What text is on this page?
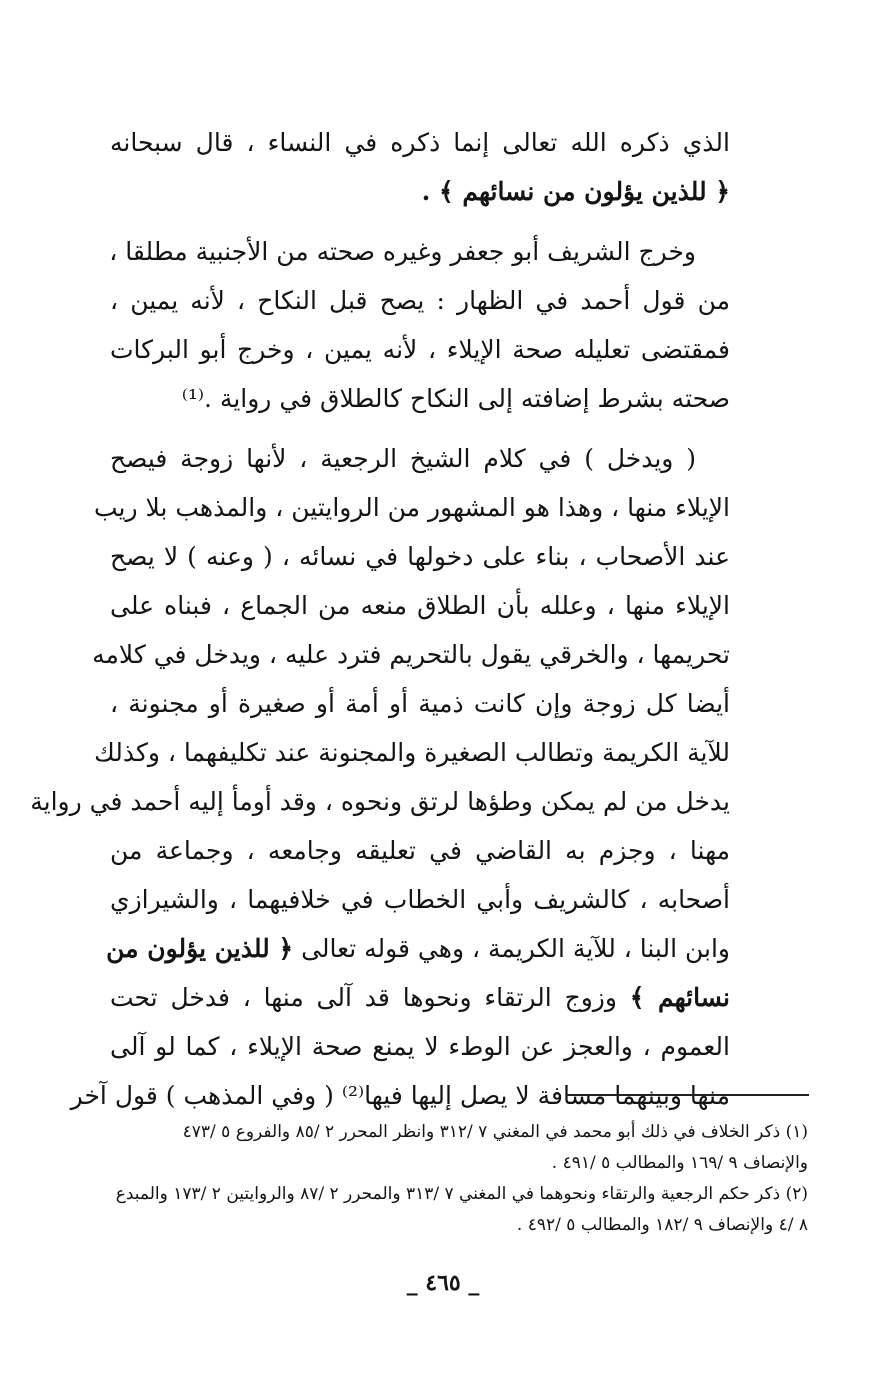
الذي ذكره الله تعالى إنما ذكره في النساء ، قال سبحانه
﴿ للذين يؤلون من نسائهم ﴾ .
وخرج الشريف أبو جعفر وغيره صحته من الأجنبية مطلقا ،
من قول أحمد في الظهار : يصح قبل النكاح ، لأنه يمين ،
فمقتضى تعليله صحة الإيلاء ، لأنه يمين ، وخرج أبو البركات
صحته بشرط إضافته إلى النكاح كالطلاق في رواية .⁽¹⁾
( ويدخل ) في كلام الشيخ الرجعية ، لأنها زوجة فيصح
الإيلاء منها ، وهذا هو المشهور من الروايتين ، والمذهب بلا ريب
عند الأصحاب ، بناء على دخولها في نسائه ، ( وعنه ) لا يصح
الإيلاء منها ، وعلله بأن الطلاق منعه من الجماع ، فبناه على
تحريمها ، والخرقي يقول بالتحريم فترد عليه ، ويدخل في كلامه
أيضا كل زوجة وإن كانت ذمية أو أمة أو صغيرة أو مجنونة ،
للآية الكريمة وتطالب الصغيرة والمجنونة عند تكليفهما ، وكذلك
يدخل من لم يمكن وطؤها لرتق ونحوه ، وقد أومأ إليه أحمد في رواية
مهنا ، وجزم به القاضي في تعليقه وجامعه ، وجماعة من
أصحابه ، كالشريف وأبي الخطاب في خلافيهما ، والشيرازي
وابن البنا ، للآية الكريمة ، وهي قوله تعالى ﴿ للذين يؤلون من
نسائهم ﴾ وزوج الرتقاء ونحوها قد آلى منها ، فدخل تحت
العموم ، والعجز عن الوطء لا يمنع صحة الإيلاء ، كما لو آلى
منها وبينهما مسافة لا يصل إليها فيها⁽²⁾ ( وفي المذهب ) قول آخر
(١) ذكر الخلاف في ذلك أبو محمد في المغني ٧ /٣١٢ وانظر المحرر ٢ /٨٥ والفروع ٥ /٤٧٣
والإنصاف ٩ /١٦٩ والمطالب ٥ /٤٩١ .
(٢) ذكر حكم الرجعية والرتقاء ونحوهما في المغني ٧ /٣١٣ والمحرر ٢ /٨٧ والروايتين ٢ /١٧٣ والمبدع
٨ /٤ والإنصاف ٩ /١٨٢ والمطالب ٥ /٤٩٢ .
_ ٤٦٥ _
